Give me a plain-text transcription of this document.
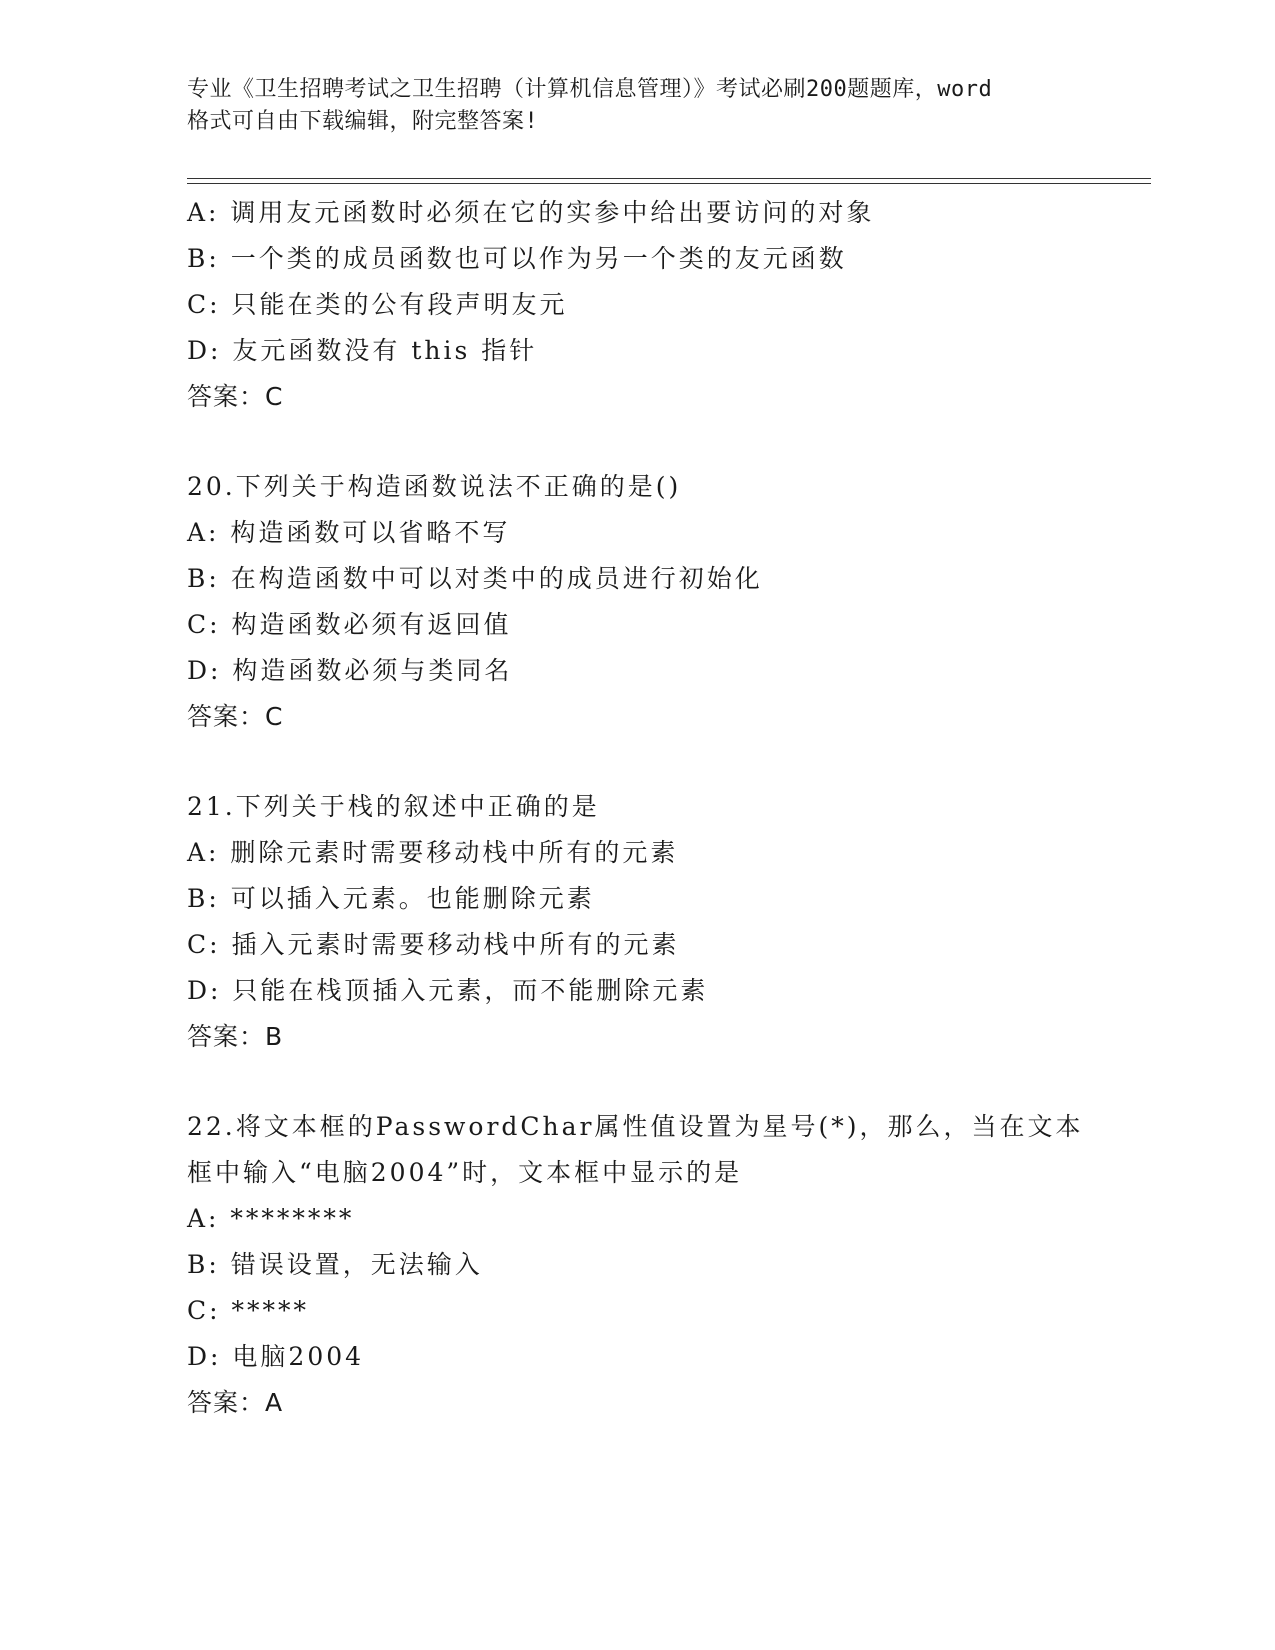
专业《卫生招聘考试之卫生招聘（计算机信息管理）》考试必刷200题题库，word
格式可自由下载编辑，附完整答案!
A: 调用友元函数时必须在它的实参中给出要访问的对象
B: 一个类的成员函数也可以作为另一个类的友元函数
C: 只能在类的公有段声明友元
D: 友元函数没有 this 指针
答案：C
20.下列关于构造函数说法不正确的是()
A: 构造函数可以省略不写
B: 在构造函数中可以对类中的成员进行初始化
C: 构造函数必须有返回值
D: 构造函数必须与类同名
答案：C
21.下列关于栈的叙述中正确的是
A: 删除元素时需要移动栈中所有的元素
B: 可以插入元素。也能删除元素
C: 插入元素时需要移动栈中所有的元素
D: 只能在栈顶插入元素，而不能删除元素
答案：B
22.将文本框的PasswordChar属性值设置为星号(*)，那么，当在文本
框中输入“电脑2004”时，文本框中显示的是
A: ********
B: 错误设置，无法输入
C: *****
D: 电脑2004
答案：A
